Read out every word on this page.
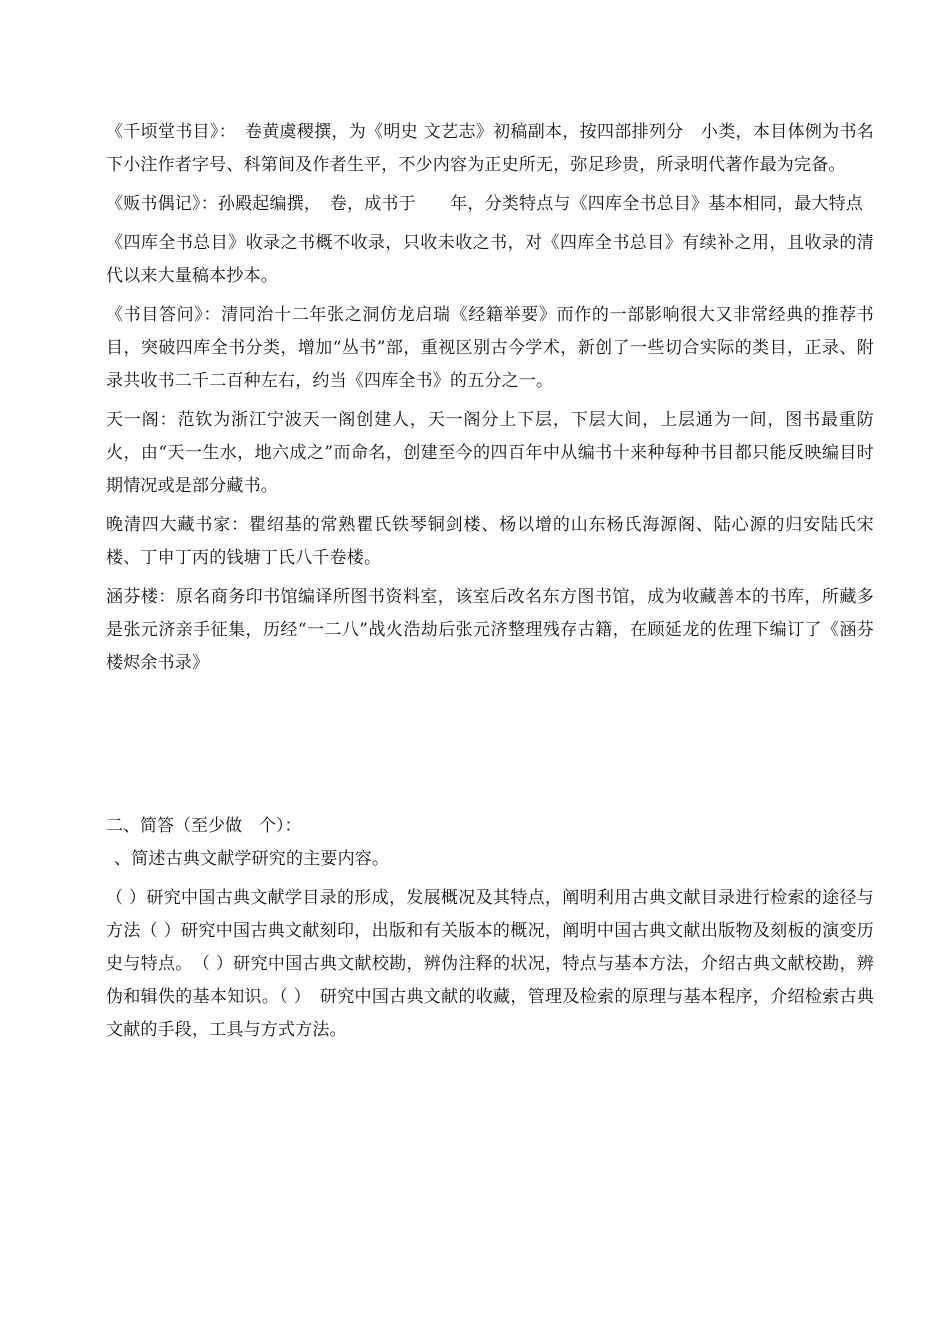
《千顷堂书目》：　卷黄虞稷撰，为《明史 文艺志》初稿副本，按四部排列分　小类，本目体例为书名下小注作者字号、科第间及作者生平，不少内容为正史所无，弥足珍贵，所录明代著作最为完备。

《贩书偶记》：孙殿起编撰，　卷，成书于　　年，分类特点与《四库全书总目》基本相同，最大特点

《四库全书总目》收录之书概不收录，只收未收之书，对《四库全书总目》有续补之用，且收录的清代以来大量稿本抄本。

《书目答问》：清同治十二年张之洞仿龙启瑞《经籍举要》而作的一部影响很大又非常经典的推荐书目，突破四库全书分类，增加“丛书”部，重视区别古今学术，新创了一些切合实际的类目，正录、附录共收书二千二百种左右，约当《四库全书》的五分之一。

天一阁：范钦为浙江宁波天一阁创建人，天一阁分上下层，下层大间，上层通为一间，图书最重防火，由“天一生水，地六成之”而命名，创建至今的四百年中从编书十来种每种书目都只能反映编目时期情况或是部分藏书。

晚清四大藏书家：瞿绍基的常熟瞿氏铁琴铜剑楼、杨以增的山东杨氏海源阁、陆心源的归安陆氏宋楼、丁申丁丙的钱塘丁氏八千卷楼。

涵芬楼：原名商务印书馆编译所图书资料室，该室后改名东方图书馆，成为收藏善本的书库，所藏多是张元济亲手征集，历经“一二八”战火浩劫后张元济整理残存古籍，在顾延龙的佐理下编订了《涵芬楼烬余书录》

二、简答（至少做　个）：

、简述古典文献学研究的主要内容。

（ ）研究中国古典文献学目录的形成，发展概况及其特点，阐明利用古典文献目录进行检索的途径与方法（ ）研究中国古典文献刻印，出版和有关版本的概况，阐明中国古典文献出版物及刻板的演变历史与特点。　（ ）研究中国古典文献校勘，辨伪注释的状况，特点与基本方法，介绍古典文献校勘，辨伪和辑佚的基本知识。（ ）　研究中国古典文献的收藏，管理及检索的原理与基本程序，介绍检索古典文献的手段，工具与方式方法。
